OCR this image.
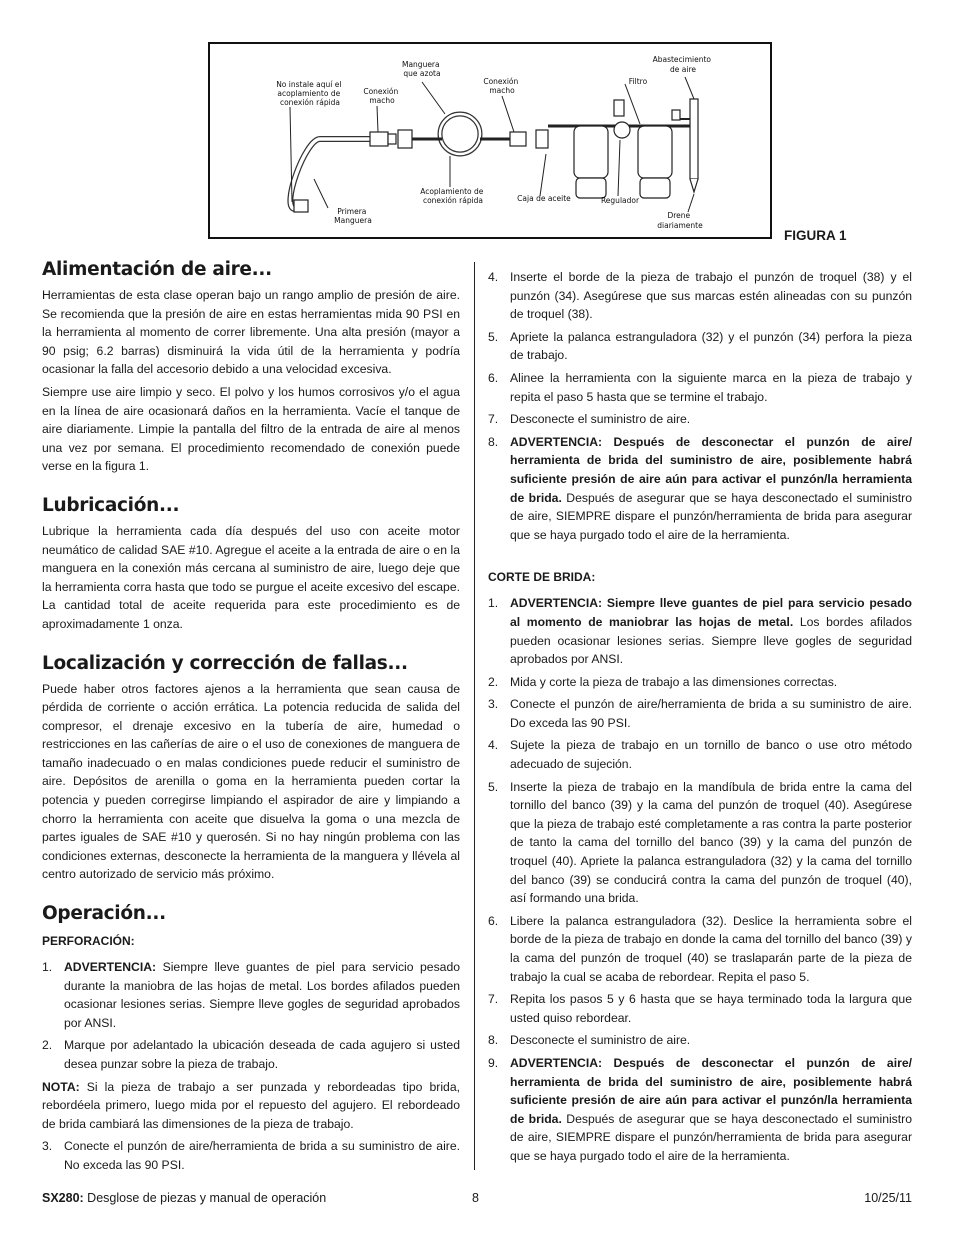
No instale aquí el acoplamiento de conexión rápida
Conexión macho
Manguera que azota
Conexión macho
Filtro
Abastecimiento de aire
Primera Manguera
Acoplamiento de conexión rápida	Caja de aceite	Regulador
Drene diariamente
FIGURA 1
Alimentación de aire...

Herramientas de esta clase operan bajo un rango amplio de presión de aire. Se recomienda que la presión de aire en estas herramientas mida 90 PSI en la herramienta al momento de correr libremente. Una alta presión (mayor a 90 psig; 6.2 barras) disminuirá la vida útil de la herramienta y podría ocasionar la falla del accesorio debido a una velocidad excesiva.

Siempre use aire limpio y seco. El polvo y los humos corrosivos y/o el agua en la línea de aire ocasionará daños en la herramienta. Vacíe el tanque de aire diariamente. Limpie la pantalla del filtro de la entrada de aire al menos una vez por semana. El procedimiento recomendado de conexión puede verse en la figura 1.

Lubricación...

Lubrique la herramienta cada día después del uso con aceite motor neumático de calidad SAE #10. Agregue el aceite a la entrada de aire o en la manguera en la conexión más cercana al suministro de aire, luego deje que la herramienta corra hasta que todo se purgue el aceite excesivo del escape. La cantidad total de aceite requerida para este procedimiento es de aproximadamente 1 onza.

Localización y corrección de fallas...

Puede haber otros factores ajenos a la herramienta que sean causa de pérdida de corriente o acción errática. La potencia reducida de salida del compresor, el drenaje excesivo en la tubería de aire, humedad o restricciones en las cañerías de aire o el uso de conexiones de manguera de tamaño inadecuado o en malas condiciones puede reducir el suministro de aire. Depósitos de arenilla o goma en la herramienta pueden cortar la potencia y pueden corregirse limpiando el aspirador de aire y limpiando a chorro la herramienta con aceite que disuelva la goma o una mezcla de partes iguales de SAE #10 y querosén. Si no hay ningún problema con las condiciones externas, desconecte la herramienta de la manguera y llévela al centro autorizado de servicio más próximo.

Operación...
PERFORACIÓN:
1. ADVERTENCIA: Siempre lleve guantes de piel para servicio pesado durante la maniobra de las hojas de metal. Los bordes afilados pueden ocasionar lesiones serias. Siempre lleve gogles de seguridad aprobados por ANSI.
2. Marque por adelantado la ubicación deseada de cada agujero si usted desea punzar sobre la pieza de trabajo.

NOTA: Si la pieza de trabajo a ser punzada y rebordeadas tipo brida, rebordéela primero, luego mida por el repuesto del agujero. El rebordeado de brida cambiará las dimensiones de la pieza de trabajo.

3. Conecte el punzón de aire/herramienta de brida a su suministro de aire. No exceda las 90 PSI.
4. Inserte el borde de la pieza de trabajo el punzón de troquel (38) y el punzón (34). Asegúrese que sus marcas estén alineadas con su punzón de troquel (38).
5. Apriete la palanca estranguladora (32) y el punzón (34) perfora la pieza de trabajo.
6. Alinee la herramienta con la siguiente marca en la pieza de trabajo y repita el paso 5 hasta que se termine el trabajo.
7. Desconecte el suministro de aire.
8. ADVERTENCIA: Después de desconectar el punzón de aire/ herramienta de brida del suministro de aire, posiblemente habrá suficiente presión de aire aún para activar el punzón/la herramienta de brida. Después de asegurar que se haya desconectado el suministro de aire, SIEMPRE dispare el punzón/herramienta de brida para asegurar que se haya purgado todo el aire de la herramienta.
CORTE DE BRIDA:
1. ADVERTENCIA: Siempre lleve guantes de piel para servicio pesado al momento de maniobrar las hojas de metal. Los bordes afilados pueden ocasionar lesiones serias. Siempre lleve gogles de seguridad aprobados por ANSI.
2. Mida y corte la pieza de trabajo a las dimensiones correctas.
3. Conecte el punzón de aire/herramienta de brida a su suministro de aire. Do exceda las 90 PSI.
4. Sujete la pieza de trabajo en un tornillo de banco o use otro método adecuado de sujeción.
5. Inserte la pieza de trabajo en la mandíbula de brida entre la cama del tornillo del banco (39) y la cama del punzón de troquel (40). Asegúrese que la pieza de trabajo esté completamente a ras contra la parte posterior de tanto la cama del tornillo del banco (39) y la cama del punzón de troquel (40). Apriete la palanca estranguladora (32) y la cama del tornillo del banco (39) se conducirá contra la cama del punzón de troquel (40), así formando una brida.
6. Libere la palanca estranguladora (32). Deslice la herramienta sobre el borde de la pieza de trabajo en donde la cama del tornillo del banco (39) y la cama del punzón de troquel (40) se traslaparán parte de la pieza de trabajo la cual se acaba de rebordear. Repita el paso 5.
7. Repita los pasos 5 y 6 hasta que se haya terminado toda la largura que usted quiso rebordear.
8. Desconecte el suministro de aire.
9. ADVERTENCIA: Después de desconectar el punzón de aire/ herramienta de brida del suministro de aire, posiblemente habrá suficiente presión de aire aún para activar el punzón/la herramienta de brida. Después de asegurar que se haya desconectado el suministro de aire, SIEMPRE dispare el punzón/herramienta de brida para asegurar que se haya purgado todo el aire de la herramienta.
SX280: Desglose de piezas y manual de operación	8	10/25/11
